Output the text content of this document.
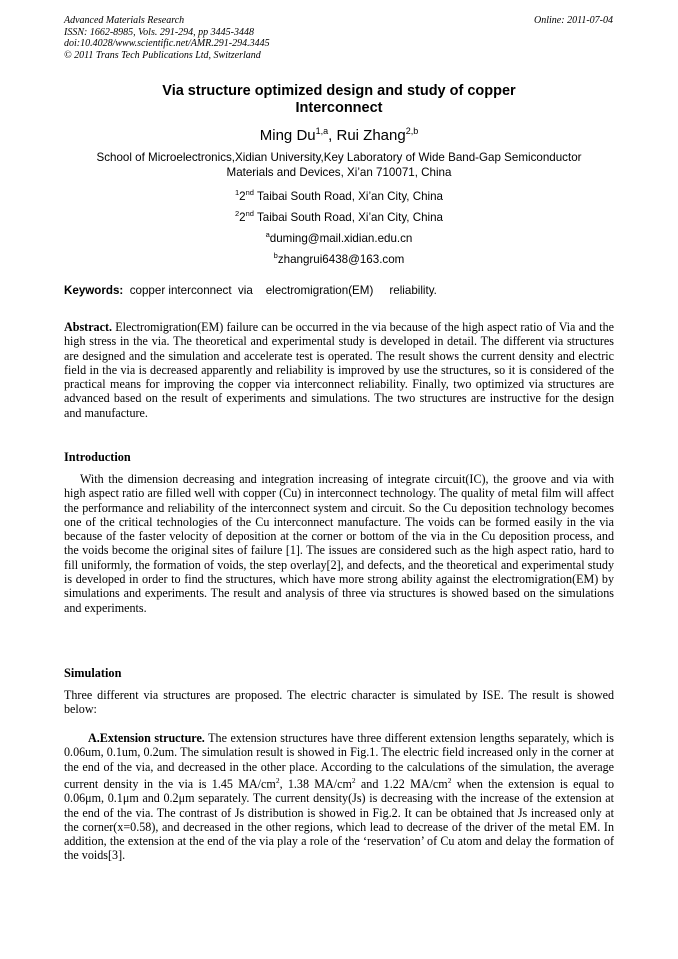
Advanced Materials Research
ISSN: 1662-8985, Vols. 291-294, pp 3445-3448
doi:10.4028/www.scientific.net/AMR.291-294.3445
© 2011 Trans Tech Publications Ltd, Switzerland
Online: 2011-07-04
Via structure optimized design and study of copper
Interconnect
Ming Du$^{1,a}$, Rui Zhang$^{2,b}$
School of Microelectronics,Xidian University,Key Laboratory of Wide Band-Gap Semiconductor
Materials and Devices, Xi’an 710071, China
$^1$2nd Taibai South Road, Xi’an City, China
$^2$2nd Taibai South Road, Xi’an City, China
$^a$duming@mail.xidian.edu.cn
$^b$zhangrui6438@163.com
Keywords: copper interconnect  via    electromigration(EM)     reliability.
Abstract. Electromigration(EM) failure can be occurred in the via because of the high aspect ratio of Via and the high stress in the via. The theoretical and experimental study is developed in detail. The different via structures are designed and the simulation and accelerate test is operated. The result shows the current density and electric field in the via is decreased apparently and reliability is improved by use the structures, so it is considered of the practical means for improving the copper via interconnect reliability. Finally, two optimized via structures are advanced based on the result of experiments and simulations. The two structures are instructive for the design and manufacture.
Introduction
With the dimension decreasing and integration increasing of integrate circuit(IC), the groove and via with high aspect ratio are filled well with copper (Cu) in interconnect technology. The quality of metal film will affect the performance and reliability of the interconnect system and circuit. So the Cu deposition technology becomes one of the critical technologies of the Cu interconnect manufacture. The voids can be formed easily in the via because of the faster velocity of deposition at the corner or bottom of the via in the Cu deposition process, and the voids become the original sites of failure [1]. The issues are considered such as the high aspect ratio, hard to fill uniformly, the formation of voids, the step overlay[2], and defects, and the theoretical and experimental study is developed in order to find the structures, which have more strong ability against the electromigration(EM) by simulations and experiments. The result and analysis of three via structures is showed based on the simulations and experiments.
Simulation
Three different via structures are proposed. The electric character is simulated by ISE. The result is showed below:
A.Extension structure. The extension structures have three different extension lengths separately, which is 0.06um, 0.1um, 0.2um. The simulation result is showed in Fig.1. The electric field increased only in the corner at the end of the via, and decreased in the other place. According to the calculations of the simulation, the average current density in the via is 1.45 $MA/cm^2$, 1.38 $MA/cm^2$ and 1.22 $MA/cm^2$ when the extension is equal to 0.06μm, 0.1μm and 0.2μm separately. The current density(Js) is decreasing with the increase of the extension at the end of the via. The contrast of Js distribution is showed in Fig.2. It can be obtained that Js increased only at the corner(x=0.58), and decreased in the other regions, which lead to decrease of the driver of the metal EM. In addition, the extension at the end of the via play a role of the ‘reservation’ of Cu atom and delay the formation of the voids[3].
